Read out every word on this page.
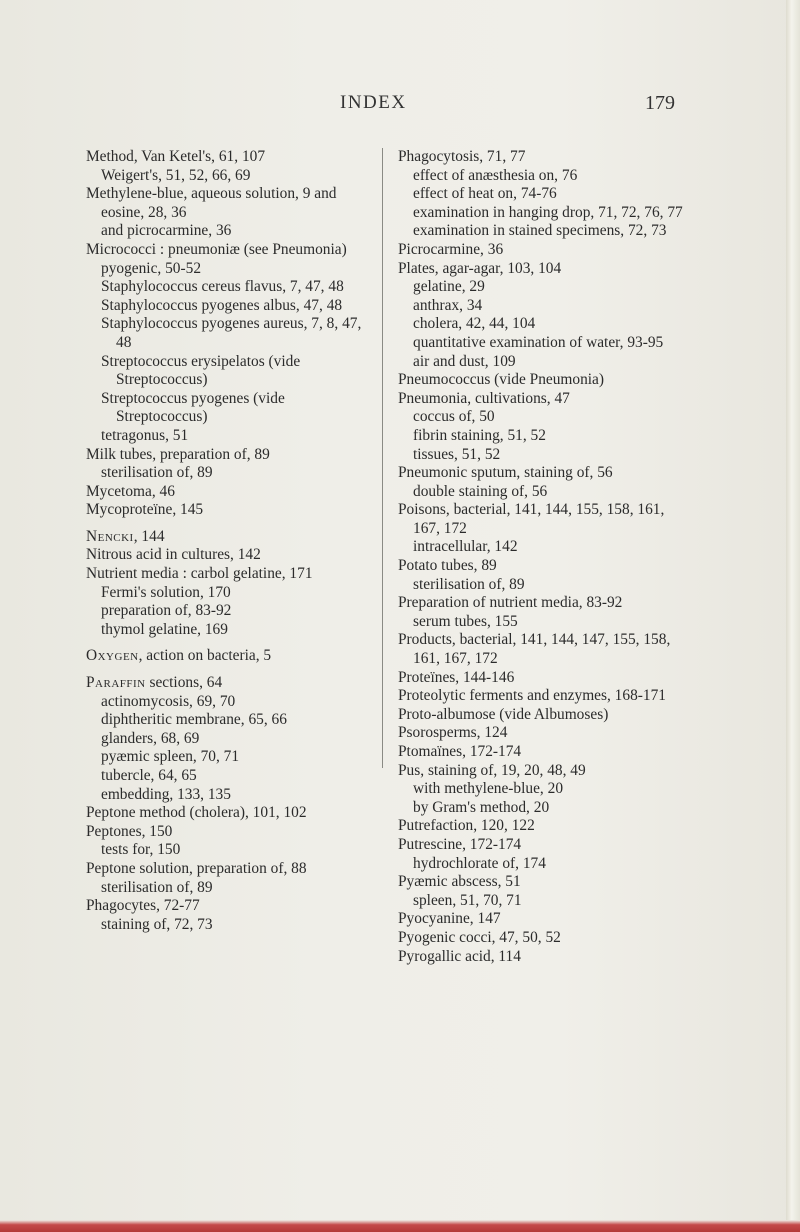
INDEX	179
Method, Van Ketel's, 61, 107
Weigert's, 51, 52, 66, 69
Methylene-blue, aqueous solution, 9 and eosine, 28, 36
and picrocarmine, 36
Micrococci : pneumoniæ (see Pneumonia)
pyogenic, 50-52
Staphylococcus cereus flavus, 7, 47, 48
Staphylococcus pyogenes albus, 47, 48
Staphylococcus pyogenes aureus, 7, 8, 47, 48
Streptococcus erysipelatos (vide Streptococcus)
Streptococcus pyogenes (vide Streptococcus)
tetragonus, 51
Milk tubes, preparation of, 89
sterilisation of, 89
Mycetoma, 46
Mycoproteïne, 145
Nencki, 144
Nitrous acid in cultures, 142
Nutrient media : carbol gelatine, 171
Fermi's solution, 170
preparation of, 83-92
thymol gelatine, 169
Oxygen, action on bacteria, 5
Paraffin sections, 64
actinomycosis, 69, 70
diphtheritic membrane, 65, 66
glanders, 68, 69
pyæmic spleen, 70, 71
tubercle, 64, 65
embedding, 133, 135
Peptone method (cholera), 101, 102
Peptones, 150
tests for, 150
Peptone solution, preparation of, 88
sterilisation of, 89
Phagocytes, 72-77
staining of, 72, 73
Phagocytosis, 71, 77
effect of anæsthesia on, 76
effect of heat on, 74-76
examination in hanging drop, 71, 72, 76, 77
examination in stained specimens, 72, 73
Picrocarmine, 36
Plates, agar-agar, 103, 104
gelatine, 29
anthrax, 34
cholera, 42, 44, 104
quantitative examination of water, 93-95
air and dust, 109
Pneumococcus (vide Pneumonia)
Pneumonia, cultivations, 47
coccus of, 50
fibrin staining, 51, 52
tissues, 51, 52
Pneumonic sputum, staining of, 56
double staining of, 56
Poisons, bacterial, 141, 144, 155, 158, 161, 167, 172
intracellular, 142
Potato tubes, 89
sterilisation of, 89
Preparation of nutrient media, 83-92
serum tubes, 155
Products, bacterial, 141, 144, 147, 155, 158, 161, 167, 172
Proteïnes, 144-146
Proteolytic ferments and enzymes, 168-171
Proto-albumose (vide Albumoses)
Psorosperms, 124
Ptomaïnes, 172-174
Pus, staining of, 19, 20, 48, 49
with methylene-blue, 20
by Gram's method, 20
Putrefaction, 120, 122
Putrescine, 172-174
hydrochlorate of, 174
Pyæmic abscess, 51
spleen, 51, 70, 71
Pyocyanine, 147
Pyogenic cocci, 47, 50, 52
Pyrogallic acid, 114
